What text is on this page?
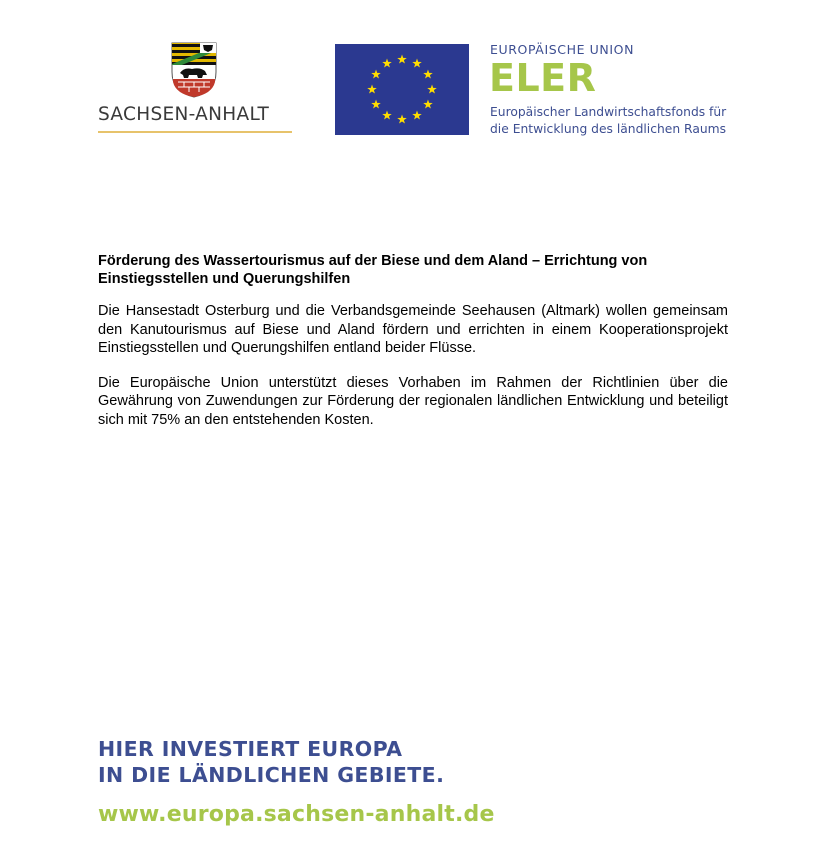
SACHSEN-ANHALT
EUROPÄISCHE UNION
ELER
Europäischer Landwirtschaftsfonds für
die Entwicklung des ländlichen Raums
Förderung des Wassertourismus auf der Biese und dem Aland – Errichtung von Einstiegsstellen und Querungshilfen

Die Hansestadt Osterburg und die Verbandsgemeinde Seehausen (Altmark) wollen gemeinsam den Kanutourismus auf Biese und Aland fördern und errichten in einem Kooperationsprojekt Einstiegsstellen und Querungshilfen entland beider Flüsse.

Die Europäische Union unterstützt dieses Vorhaben im Rahmen der Richtlinien über die Gewährung von Zuwendungen zur Förderung der regionalen ländlichen Entwicklung und beteiligt sich mit 75% an den entstehenden Kosten.

HIER INVESTIERT EUROPA
IN DIE LÄNDLICHEN GEBIETE.
www.europa.sachsen-anhalt.de
